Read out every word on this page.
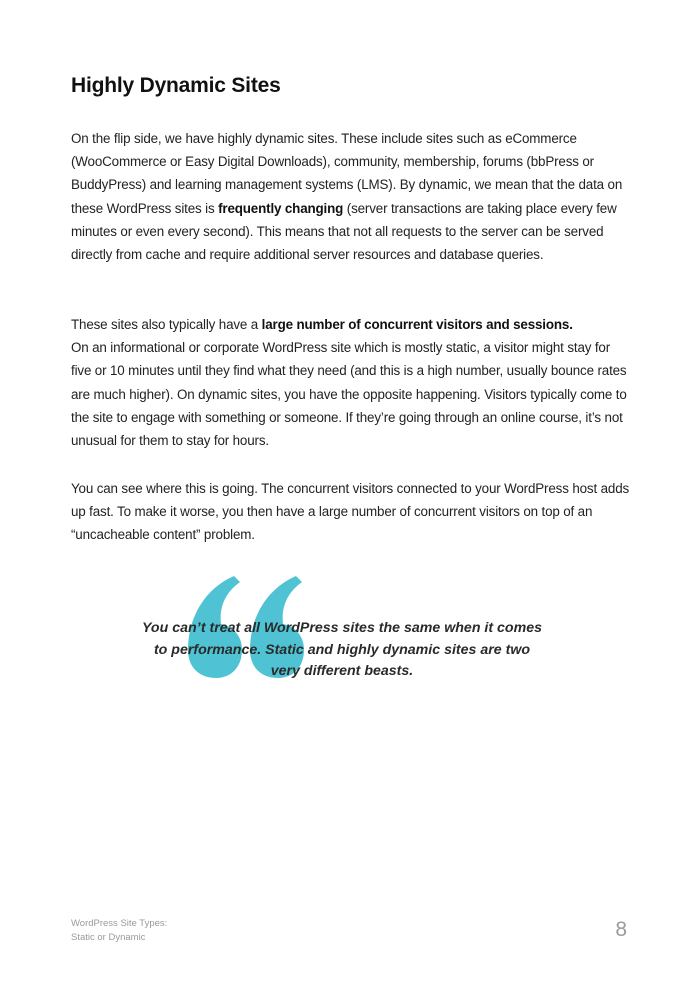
Highly Dynamic Sites

On the flip side, we have highly dynamic sites. These include sites such as eCommerce (WooCommerce or Easy Digital Downloads), community, membership, forums (bbPress or BuddyPress) and learning management systems (LMS). By dynamic, we mean that the data on these WordPress sites is frequently changing (server transactions are taking place every few minutes or even every second). This means that not all requests to the server can be served directly from cache and require additional server resources and database queries.

These sites also typically have a large number of concurrent visitors and sessions.
On an informational or corporate WordPress site which is mostly static, a visitor might stay for five or 10 minutes until they find what they need (and this is a high number, usually bounce rates are much higher). On dynamic sites, you have the opposite happening. Visitors typically come to the site to engage with something or someone. If they’re going through an online course, it’s not unusual for them to stay for hours.

You can see where this is going. The concurrent visitors connected to your WordPress host adds up fast. To make it worse, you then have a large number of concurrent visitors on top of an “uncacheable content” problem.

You can’t treat all WordPress sites the same when it comes to performance. Static and highly dynamic sites are two very different beasts.

WordPress Site Types:
Static or Dynamic	8
